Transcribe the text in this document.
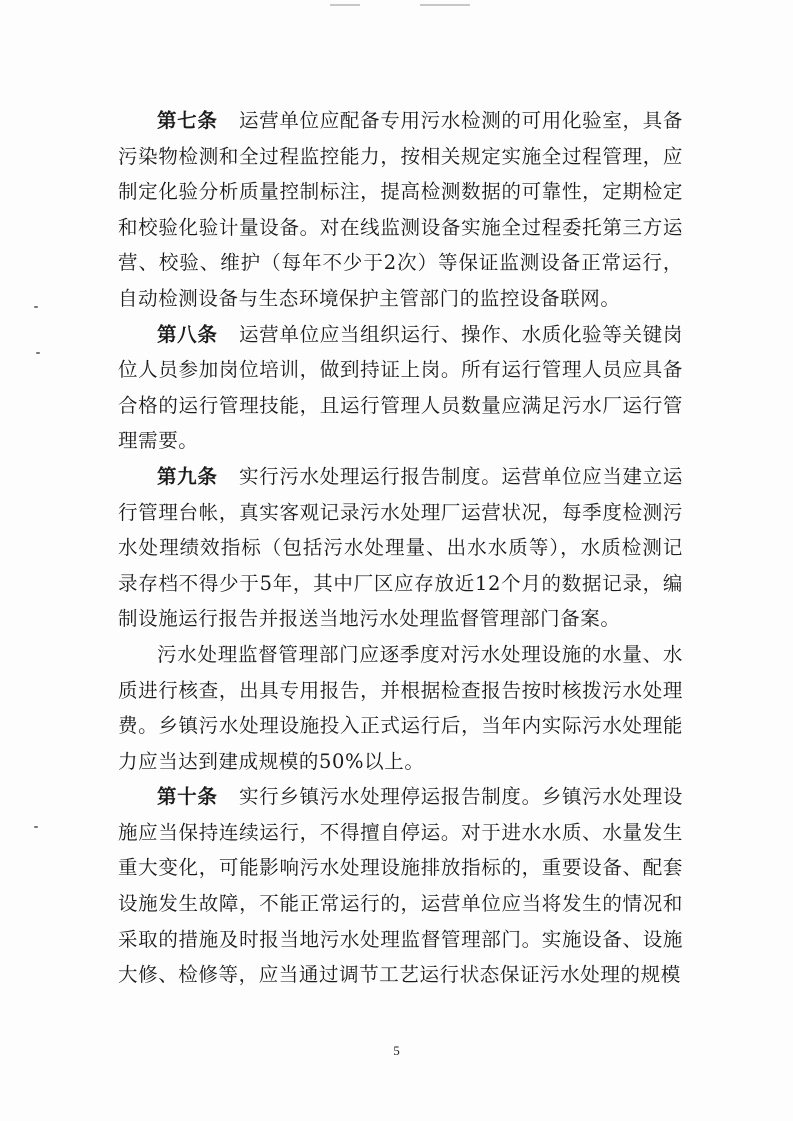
第七条 运营单位应配备专用污水检测的可用化验室，具备污染物检测和全过程监控能力，按相关规定实施全过程管理，应制定化验分析质量控制标注，提高检测数据的可靠性，定期检定和校验化验计量设备。对在线监测设备实施全过程委托第三方运营、校验、维护（每年不少于2次）等保证监测设备正常运行，自动检测设备与生态环境保护主管部门的监控设备联网。

第八条 运营单位应当组织运行、操作、水质化验等关键岗位人员参加岗位培训，做到持证上岗。所有运行管理人员应具备合格的运行管理技能，且运行管理人员数量应满足污水厂运行管理需要。

第九条 实行污水处理运行报告制度。运营单位应当建立运行管理台帐，真实客观记录污水处理厂运营状况，每季度检测污水处理绩效指标（包括污水处理量、出水水质等），水质检测记录存档不得少于5年，其中厂区应存放近12个月的数据记录，编制设施运行报告并报送当地污水处理监督管理部门备案。

污水处理监督管理部门应逐季度对污水处理设施的水量、水质进行核查，出具专用报告，并根据检查报告按时核拨污水处理费。乡镇污水处理设施投入正式运行后，当年内实际污水处理能力应当达到建成规模的50%以上。

第十条 实行乡镇污水处理停运报告制度。乡镇污水处理设施应当保持连续运行，不得擅自停运。对于进水水质、水量发生重大变化，可能影响污水处理设施排放指标的，重要设备、配套设施发生故障，不能正常运行的，运营单位应当将发生的情况和采取的措施及时报当地污水处理监督管理部门。实施设备、设施大修、检修等，应当通过调节工艺运行状态保证污水处理的规模

5
